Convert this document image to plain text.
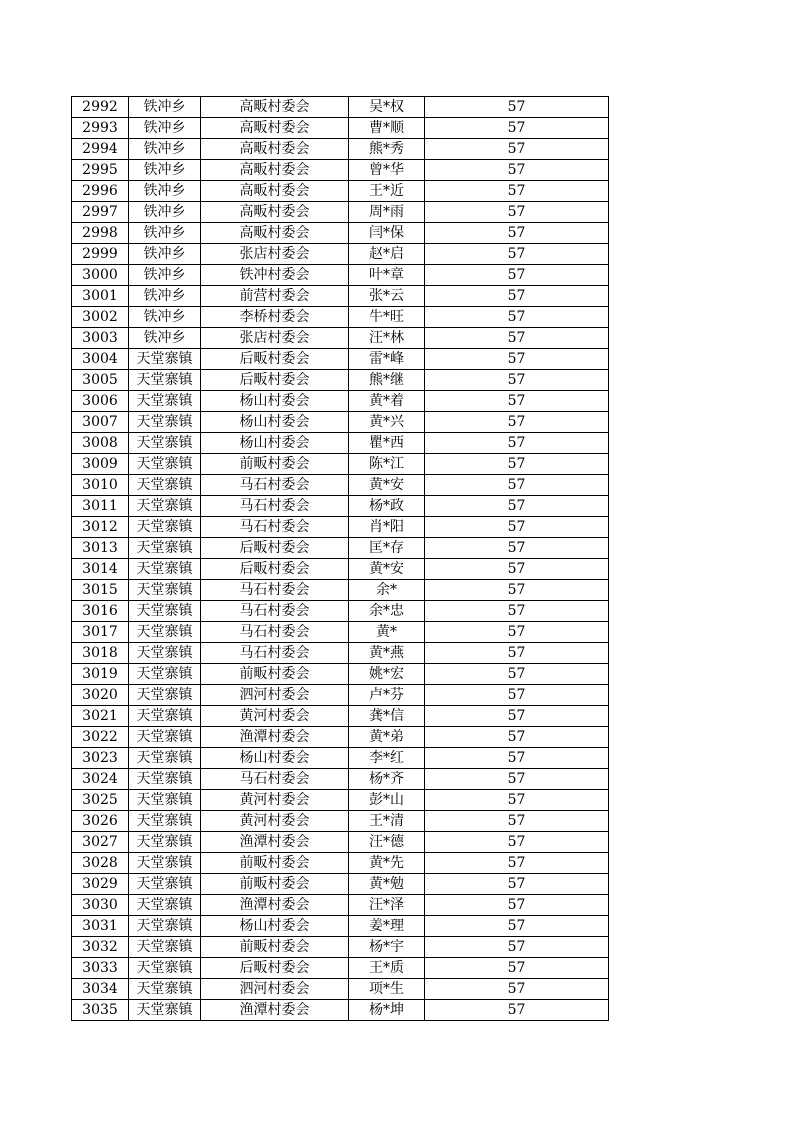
2992	铁冲乡	高畈村委会	吴*权	57
2993	铁冲乡	高畈村委会	曹*顺	57
2994	铁冲乡	高畈村委会	熊*秀	57
2995	铁冲乡	高畈村委会	曾*华	57
2996	铁冲乡	高畈村委会	王*近	57
2997	铁冲乡	高畈村委会	周*雨	57
2998	铁冲乡	高畈村委会	闫*保	57
2999	铁冲乡	张店村委会	赵*启	57
3000	铁冲乡	铁冲村委会	叶*章	57
3001	铁冲乡	前营村委会	张*云	57
3002	铁冲乡	李桥村委会	牛*旺	57
3003	铁冲乡	张店村委会	汪*林	57
3004	天堂寨镇	后畈村委会	雷*峰	57
3005	天堂寨镇	后畈村委会	熊*继	57
3006	天堂寨镇	杨山村委会	黄*着	57
3007	天堂寨镇	杨山村委会	黄*兴	57
3008	天堂寨镇	杨山村委会	瞿*西	57
3009	天堂寨镇	前畈村委会	陈*江	57
3010	天堂寨镇	马石村委会	黄*安	57
3011	天堂寨镇	马石村委会	杨*政	57
3012	天堂寨镇	马石村委会	肖*阳	57
3013	天堂寨镇	后畈村委会	匡*存	57
3014	天堂寨镇	后畈村委会	黄*安	57
3015	天堂寨镇	马石村委会	余*	57
3016	天堂寨镇	马石村委会	余*忠	57
3017	天堂寨镇	马石村委会	黄*	57
3018	天堂寨镇	马石村委会	黄*燕	57
3019	天堂寨镇	前畈村委会	姚*宏	57
3020	天堂寨镇	泗河村委会	卢*芬	57
3021	天堂寨镇	黄河村委会	龚*信	57
3022	天堂寨镇	渔潭村委会	黄*弟	57
3023	天堂寨镇	杨山村委会	李*红	57
3024	天堂寨镇	马石村委会	杨*齐	57
3025	天堂寨镇	黄河村委会	彭*山	57
3026	天堂寨镇	黄河村委会	王*清	57
3027	天堂寨镇	渔潭村委会	汪*德	57
3028	天堂寨镇	前畈村委会	黄*先	57
3029	天堂寨镇	前畈村委会	黄*勉	57
3030	天堂寨镇	渔潭村委会	汪*泽	57
3031	天堂寨镇	杨山村委会	姜*理	57
3032	天堂寨镇	前畈村委会	杨*宇	57
3033	天堂寨镇	后畈村委会	王*质	57
3034	天堂寨镇	泗河村委会	项*生	57
3035	天堂寨镇	渔潭村委会	杨*坤	57
